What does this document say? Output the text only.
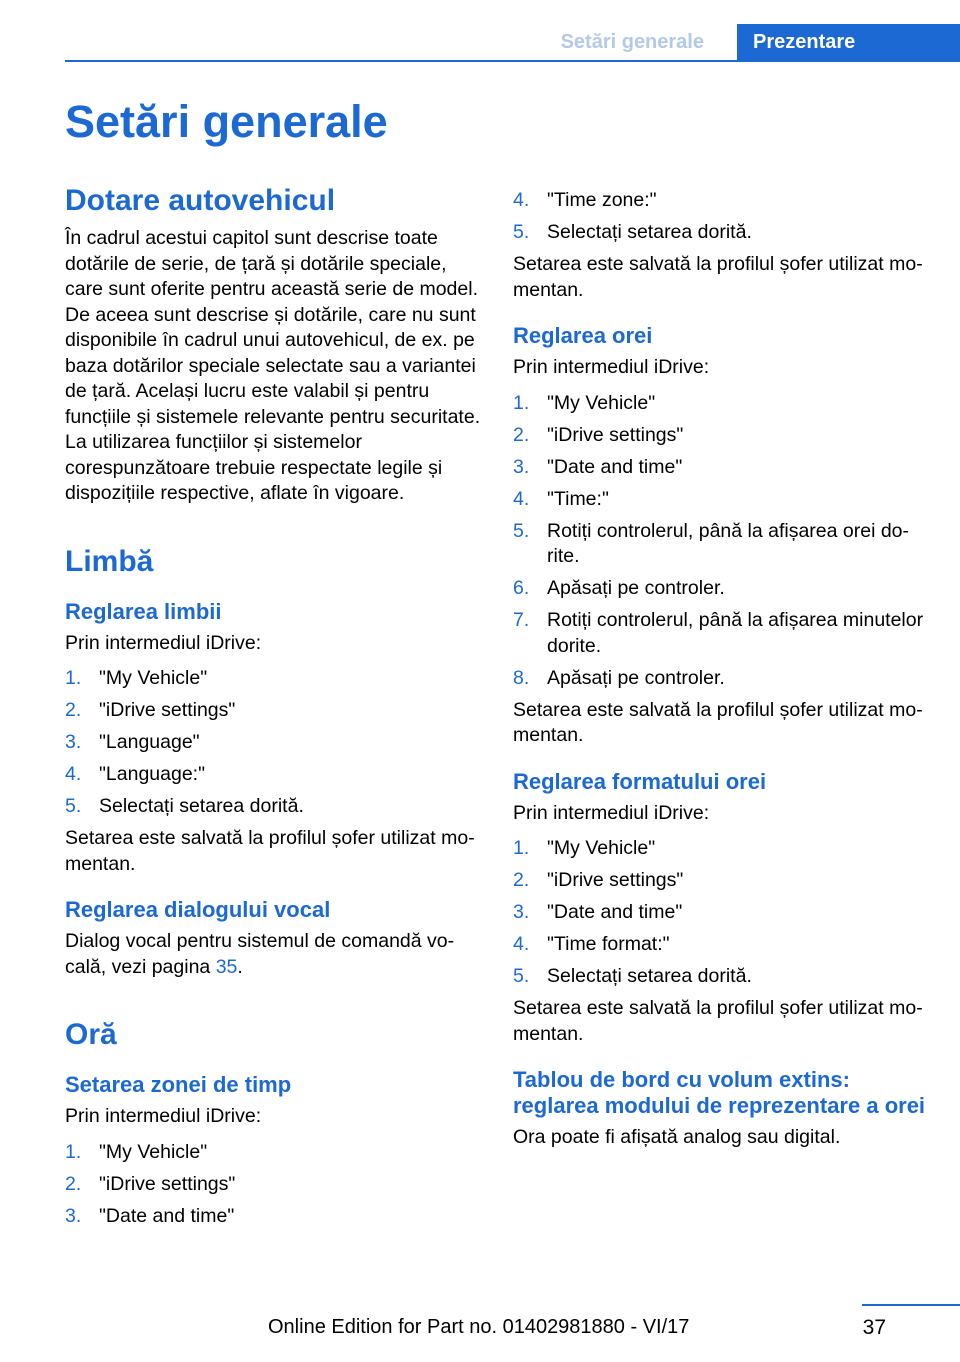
Setări generale	Prezentare
Setări generale
Dotare autovehicul

În cadrul acestui capitol sunt descrise toate dotările de serie, de țară și dotările speciale, care sunt oferite pentru această serie de model. De aceea sunt descrise și dotările, care nu sunt disponibile în cadrul unui autovehicul, de ex. pe baza dotărilor speciale selectate sau a variantei de țară. Același lucru este valabil și pentru funcțiile și sistemele relevante pentru securitate. La utilizarea funcțiilor și sistemelor corespunzătoare trebuie respectate legile și dispozițiile respective, aflate în vigoare.

Limbă
Reglarea limbii

Prin intermediul iDrive:

1. "My Vehicle"
2. "iDrive settings"
3. "Language"
4. "Language:"
5. Selectați setarea dorită.

Setarea este salvată la profilul șofer utilizat momentan.

Reglarea dialogului vocal

Dialog vocal pentru sistemul de comandă vocală, vezi pagina 35.

Oră
Setarea zonei de timp

Prin intermediul iDrive:

1. "My Vehicle"
2. "iDrive settings"
3. "Date and time"
4. "Time zone:"
5. Selectați setarea dorită.

Setarea este salvată la profilul șofer utilizat momentan.

Reglarea orei

Prin intermediul iDrive:

1. "My Vehicle"
2. "iDrive settings"
3. "Date and time"
4. "Time:"
5. Rotiți controlerul, până la afișarea orei dorite.
6. Apăsați pe controler.
7. Rotiți controlerul, până la afișarea minutelor dorite.
8. Apăsați pe controler.

Setarea este salvată la profilul șofer utilizat momentan.

Reglarea formatului orei

Prin intermediul iDrive:

1. "My Vehicle"
2. "iDrive settings"
3. "Date and time"
4. "Time format:"
5. Selectați setarea dorită.

Setarea este salvată la profilul șofer utilizat momentan.

Tablou de bord cu volum extins: reglarea modului de reprezentare a orei

Ora poate fi afișată analog sau digital.

37
Online Edition for Part no. 01402981880 - VI/17
